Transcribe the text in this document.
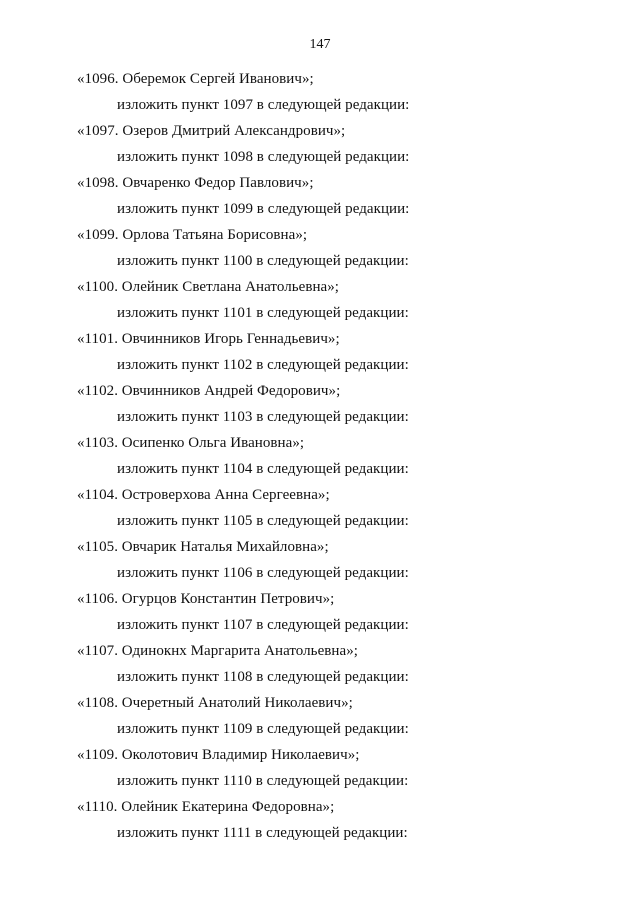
147
«1096. Оберемок Сергей Иванович»;
изложить пункт 1097 в следующей редакции:
«1097. Озеров Дмитрий Александрович»;
изложить пункт 1098 в следующей редакции:
«1098. Овчаренко Федор Павлович»;
изложить пункт 1099 в следующей редакции:
«1099. Орлова Татьяна Борисовна»;
изложить пункт 1100 в следующей редакции:
«1100. Олейник Светлана Анатольевна»;
изложить пункт 1101 в следующей редакции:
«1101. Овчинников Игорь Геннадьевич»;
изложить пункт 1102 в следующей редакции:
«1102. Овчинников Андрей Федорович»;
изложить пункт 1103 в следующей редакции:
«1103. Осипенко Ольга Ивановна»;
изложить пункт 1104 в следующей редакции:
«1104. Островерхова Анна Сергеевна»;
изложить пункт 1105 в следующей редакции:
«1105. Овчарик Наталья Михайловна»;
изложить пункт 1106 в следующей редакции:
«1106. Огурцов Константин Петрович»;
изложить пункт 1107 в следующей редакции:
«1107. Одинокнх Маргарита Анатольевна»;
изложить пункт 1108 в следующей редакции:
«1108. Очеретный Анатолий Николаевич»;
изложить пункт 1109 в следующей редакции:
«1109. Околотович Владимир Николаевич»;
изложить пункт 1110 в следующей редакции:
«1110. Олейник Екатерина Федоровна»;
изложить пункт 1111 в следующей редакции:
